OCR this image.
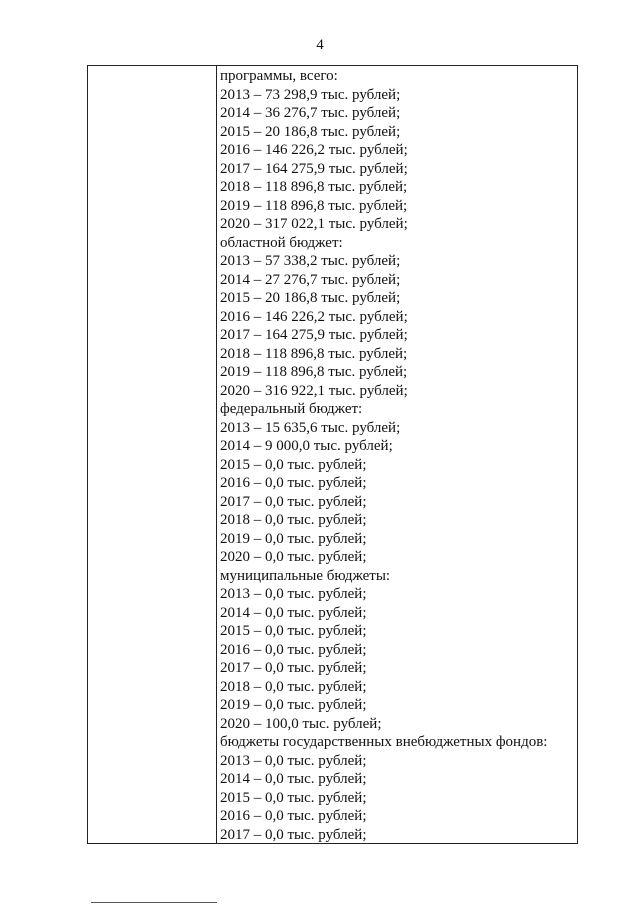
4
программы, всего:
2013 – 73 298,9 тыс. рублей;
2014 – 36 276,7 тыс. рублей;
2015 – 20 186,8 тыс. рублей;
2016 – 146 226,2 тыс. рублей;
2017 – 164 275,9 тыс. рублей;
2018 – 118 896,8 тыс. рублей;
2019 – 118 896,8 тыс. рублей;
2020 – 317 022,1 тыс. рублей;
областной бюджет:
2013 – 57 338,2 тыс. рублей;
2014 – 27 276,7 тыс. рублей;
2015 – 20 186,8 тыс. рублей;
2016 – 146 226,2 тыс. рублей;
2017 – 164 275,9 тыс. рублей;
2018 – 118 896,8 тыс. рублей;
2019 – 118 896,8 тыс. рублей;
2020 – 316 922,1 тыс. рублей;
федеральный бюджет:
2013 – 15 635,6 тыс. рублей;
2014 – 9 000,0 тыс. рублей;
2015 – 0,0 тыс. рублей;
2016 – 0,0 тыс. рублей;
2017 – 0,0 тыс. рублей;
2018 – 0,0 тыс. рублей;
2019 – 0,0 тыс. рублей;
2020 – 0,0 тыс. рублей;
муниципальные бюджеты:
2013 – 0,0 тыс. рублей;
2014 – 0,0 тыс. рублей;
2015 – 0,0 тыс. рублей;
2016 – 0,0 тыс. рублей;
2017 – 0,0 тыс. рублей;
2018 – 0,0 тыс. рублей;
2019 – 0,0 тыс. рублей;
2020 – 100,0 тыс. рублей;
бюджеты государственных внебюджетных фондов:
2013 – 0,0 тыс. рублей;
2014 – 0,0 тыс. рублей;
2015 – 0,0 тыс. рублей;
2016 – 0,0 тыс. рублей;
2017 – 0,0 тыс. рублей;
